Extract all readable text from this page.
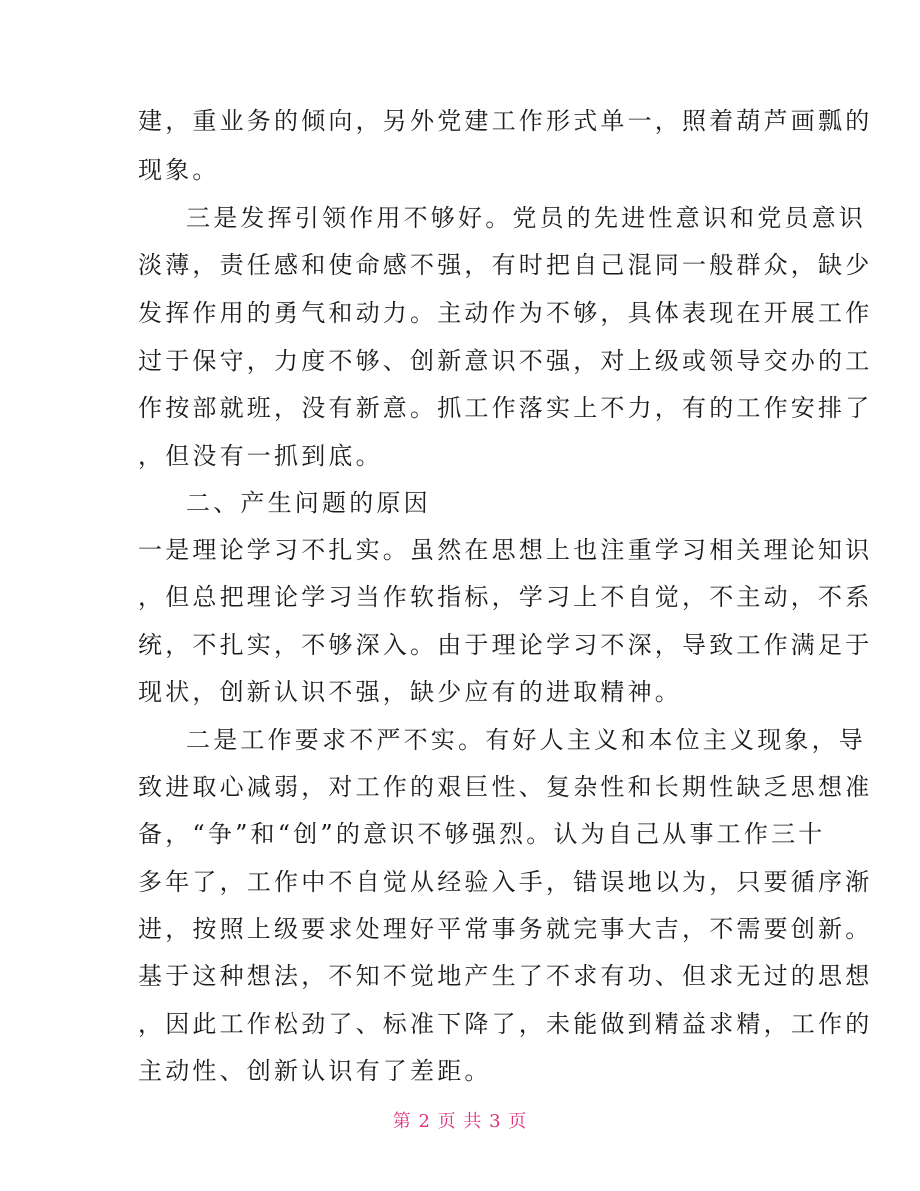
建，重业务的倾向，另外党建工作形式单一，照着葫芦画瓢的
现象。
三是发挥引领作用不够好。党员的先进性意识和党员意识
淡薄，责任感和使命感不强，有时把自己混同一般群众，缺少
发挥作用的勇气和动力。主动作为不够，具体表现在开展工作
过于保守，力度不够、创新意识不强，对上级或领导交办的工
作按部就班，没有新意。抓工作落实上不力，有的工作安排了
，但没有一抓到底。
二、产生问题的原因
一是理论学习不扎实。虽然在思想上也注重学习相关理论知识
，但总把理论学习当作软指标，学习上不自觉，不主动，不系
统，不扎实，不够深入。由于理论学习不深，导致工作满足于
现状，创新认识不强，缺少应有的进取精神。
二是工作要求不严不实。有好人主义和本位主义现象，导
致进取心减弱，对工作的艰巨性、复杂性和长期性缺乏思想准
备，“争”和“创”的意识不够强烈。认为自己从事工作三十
多年了，工作中不自觉从经验入手，错误地以为，只要循序渐
进，按照上级要求处理好平常事务就完事大吉，不需要创新。
基于这种想法，不知不觉地产生了不求有功、但求无过的思想
，因此工作松劲了、标准下降了，未能做到精益求精，工作的
主动性、创新认识有了差距。
第 2 页 共 3 页
